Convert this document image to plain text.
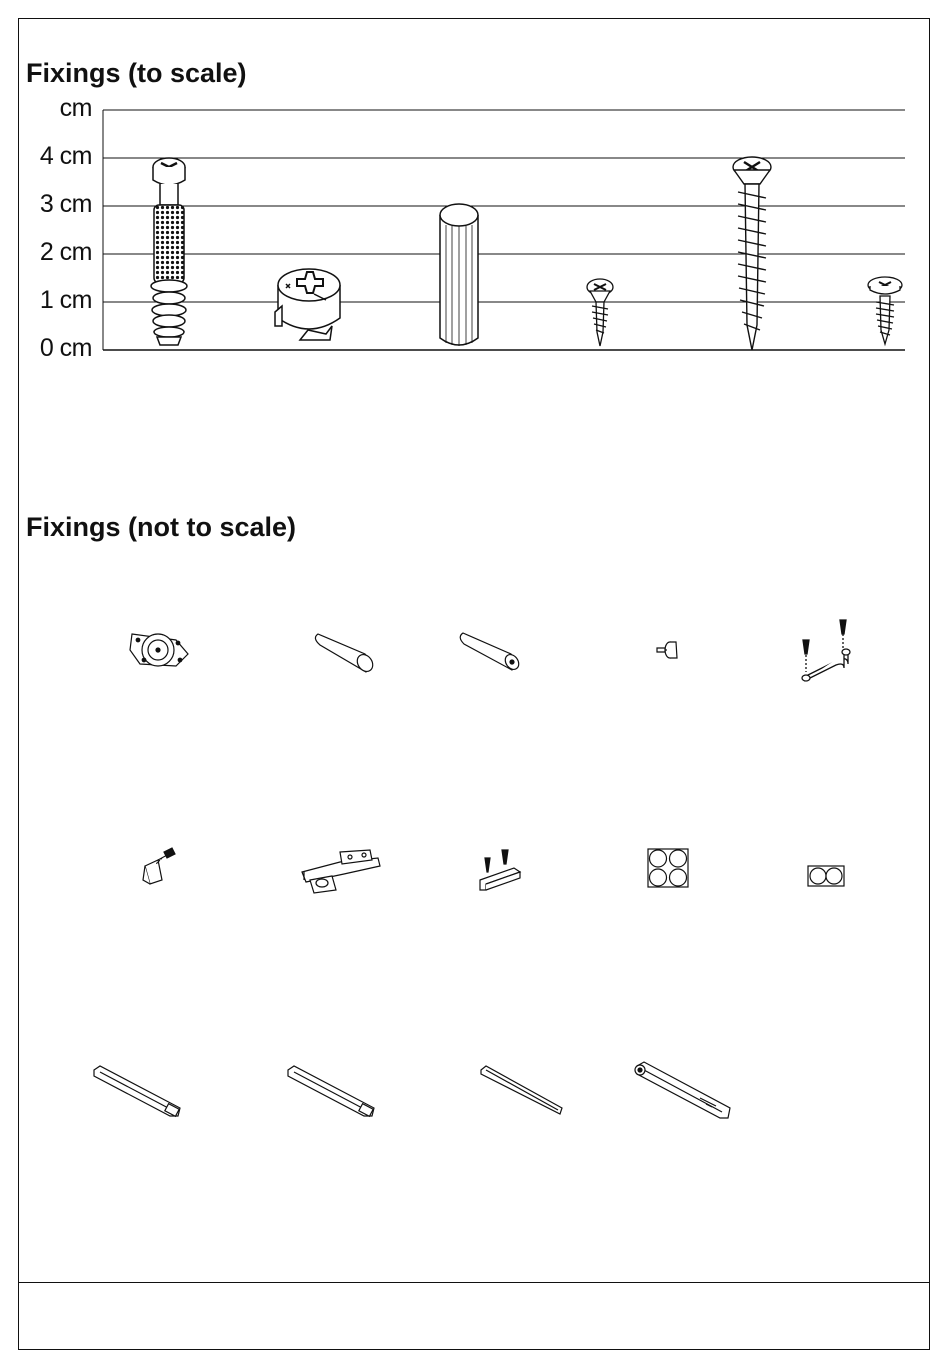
Fixings (to scale)
cm
4 cm
3 cm
2 cm
1 cm
0 cm
Fixings (not to scale)
